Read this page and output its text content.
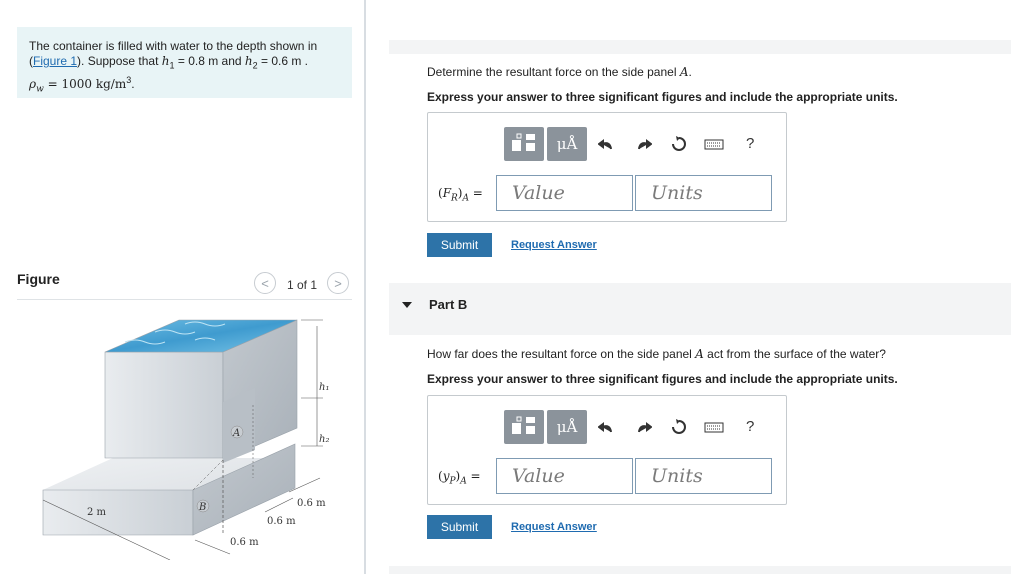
The container is filled with water to the depth shown in
(Figure 1). Suppose that $h_1 = 0.8$ m and $h_2 = 0.6$ m .
$\rho_w = 1000$ $kg/m^3$.
Figure	< 1 of 1 >
h₁
h₂
A
B
2 m
0.6 m
0.6 m
0.6 m
Determine the resultant force on the side panel A.
Express your answer to three significant figures and include the appropriate units.
μÅ	?
$(F_R)_A$ =
Value
Units
Submit	Request Answer
Part B
How far does the resultant force on the side panel A act from the surface of the water?
Express your answer to three significant figures and include the appropriate units.
μÅ	?
$(y_P)_A$ =
Value
Units
Submit	Request Answer
